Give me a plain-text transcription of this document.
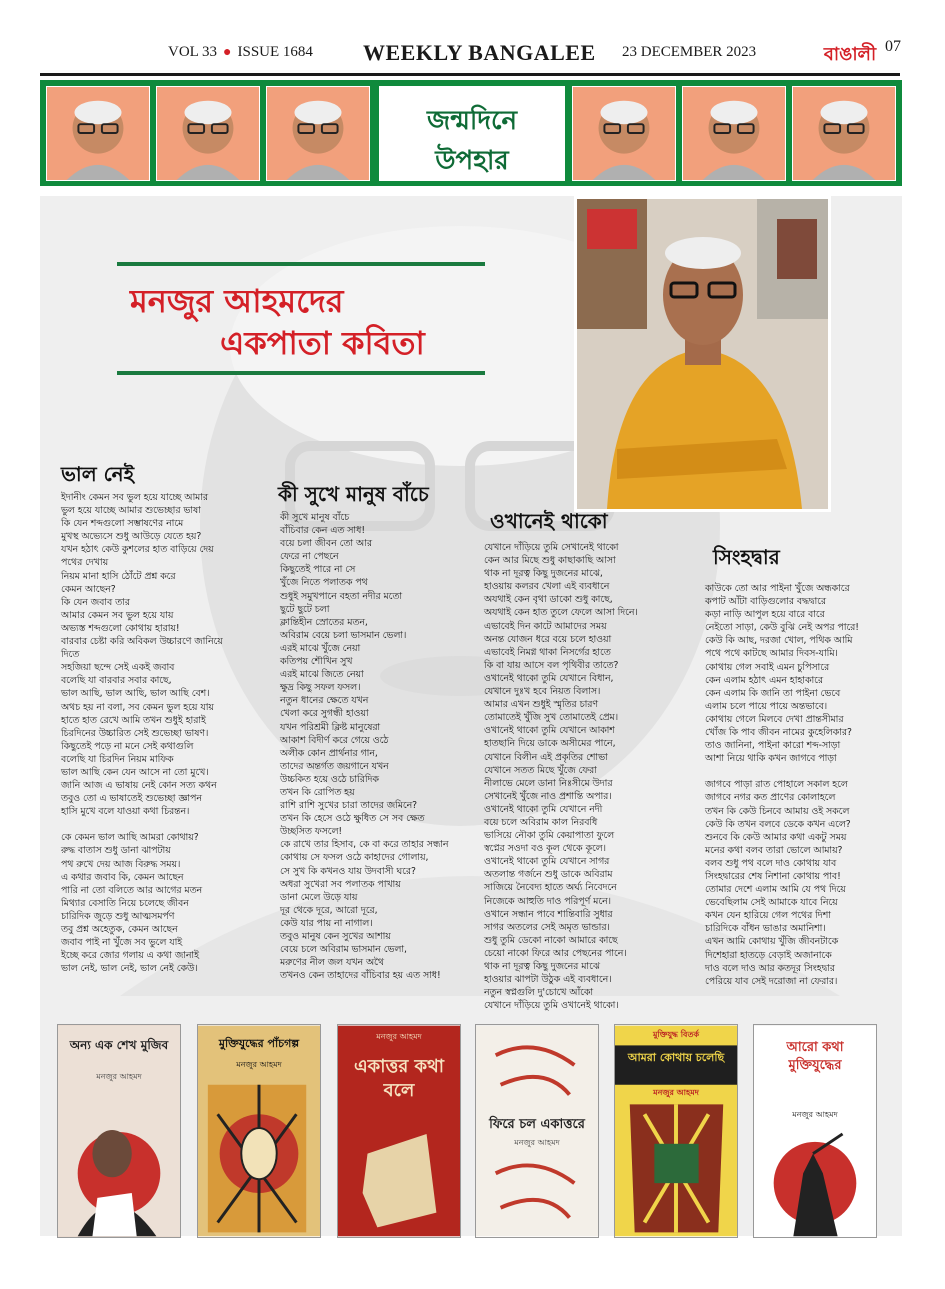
VOL 33 ● ISSUE 1684 WEEKLY BANGALEE 23 DECEMBER 2023	বাঙালী 07
জন্মদিনে
উপহার
মনজুর আহমদের
একপাতা কবিতা
ভাল নেই
ইদানীং কেমন সব ভুল হয়ে যাচ্ছে আমার
ভুল হয়ে যাচ্ছে আমার শুভেচ্ছার ভাষা
কি যেন শব্দগুলো সম্ভাষণের নামে
মুখস্থ অভ্যেসে শুধু আউড়ে যেতে হয়?
যখন হঠাৎ কেউ কুশলের হাত বাড়িয়ে দেয়
পথের দেখায়
নিয়ম মানা হাসি ঠোঁটে প্রশ্ন করে
কেমন আছেন?
কি যেন জবাব তার
আমার কেমন সব ভুল হয়ে যায়
অভ্যস্ত শব্দগুলো কোথায় হারায়!
বারবার চেষ্টা করি অবিকল উচ্চারণে জানিয়ে
দিতে
সহজিয়া ছন্দে সেই একই জবাব
বলেছি যা বারবার সবার কাছে,
ভাল আছি, ভাল আছি, ভাল আছি বেশ।
অথচ হয় না বলা, সব কেমন ভুল হয়ে যায়
হাতে হাত রেখে আমি তখন শুধুই হারাই
চিরদিনের উচ্চারিত সেই শুভেচ্ছা ভাষণ।
কিছুতেই পড়ে না মনে সেই কথাগুলি
বলেছি যা চিরদিন নিয়ম মাফিক
ভাল আছি কেন যেন আসে না তো মুখে।
জানি আজ এ ভাষায় নেই কোন সত্য কথন
তবুও তো এ ভাষাতেই শুভেচ্ছা জ্ঞাপন
হাসি মুখে বলে যাওয়া কথা চিরন্তন।
কে কেমন ভাল আছি আমরা কোথায়?
রুদ্ধ বাতাস শুধু ডানা ঝাপটায়
পথ রুখে দেয় আজ বিরুদ্ধ সময়।
এ কথার জবাব কি, কেমন আছেন
পারি না তো বলিতে আর আগের মতন
মিথ্যার বেসাতি নিয়ে চলেছে জীবন
চারিদিক জুড়ে শুধু আত্মসমর্পণ
তবু প্রশ্ন অহেতুক, কেমন আছেন
জবাব পাই না খুঁজে সব ভুলে যাই
ইচ্ছে করে জোর গলায় এ কথা জানাই
ভাল নেই, ভাল নেই, ভাল নেই কেউ।
কী সুখে মানুষ বাঁচে
কী সুখে মানুষ বাঁচে
বাঁচিবার কেন এত সাধ!
বয়ে চলা জীবন তো আর
ফেরে না পেছনে
কিছুতেই পারে না সে
খুঁজে নিতে পলাতক পথ
শুধুই সমুখপানে বহতা নদীর মতো
ছুটে ছুটে চলা
ক্লান্তিহীন স্রোতের মতন,
অবিরাম বেয়ে চলা ভাসমান ভেলা।
এরই মাঝে খুঁজে নেয়া
কতিপয় শৌখিন সুখ
এরই মাঝে জিতে নেয়া
ক্ষুদ্র কিছু সফল ফসল।
নতুন ধানের ক্ষেতে যখন
খেলা করে সুগন্ধী হাওয়া
যখন পরিশ্রমী ক্লিষ্ট মানুষেরা
আকাশ বিদীর্ণ করে গেয়ে ওঠে
অলীক কোন প্রার্থনার গান,
তাদের অন্তর্গত জয়গানে যখন
উচ্চকিত হয়ে ওঠে চারিদিক
তখন কি রোপিত হয়
রাশি রাশি সুখের চারা তাদের জমিনে?
তখন কি হেসে ওঠে ক্ষুধিত সে সব ক্ষেত
উচ্ছসিত ফসলে!
কে রাখে তার হিসাব, কে বা করে তাহার সন্ধান
কোথায় সে ফসল ওঠে কাহাদের গোলায়,
সে সুখ কি কখনও যায় উদবাসী ঘরে?
অধরা সুখেরা সব পলাতক পাখায়
ডানা মেলে উড়ে যায়
দূর থেকে দূরে, আরো দূরে,
কেউ যার পায় না নাগাল।
তবুও মানুষ কেন সুখের আশায়
বেয়ে চলে অবিরাম ভাসমান ভেলা,
মরুণের নীল জল যখন অথৈ
তখনও কেন তাহাদের বাঁচিবার হয় এত সাধ!
ওখানেই থাকো
যেখানে দাঁড়িয়ে তুমি সেখানেই থাকো
কেন আর মিছে শুধু কাছাকাছি আসা
থাক না দূরত্ব কিছু দুজনের মাঝে,
হাওয়ায় কলরব খেলা এই ব্যবধানে
অযথাই কেন বৃথা ডাকো শুধু কাছে,
অযথাই কেন হাত তুলে ফেলে আসা দিনে।
এভাবেই দিন কাটে আমাদের সময়
অনন্ত যোজন ধরে বয়ে চলে হাওয়া
এভাবেই নিমগ্ন থাকা নিসর্গের হাতে
কি বা যায় আসে বল পৃথিবীর তাতে?
ওখানেই থাকো তুমি যেখানে বিধান,
যেখানে দুঃখ হবে নিয়ত বিলাস।
আমার এখন শুধুই স্মৃতির চারণ
তোমাতেই খুঁজি সুখ তোমাতেই প্রেম।
ওখানেই থাকো তুমি যেখানে আকাশ
হাতছানি দিয়ে ডাকে অসীমের পানে,
যেখানে বিলীন এই প্রকৃতির শোভা
যেখানে সতত মিছে খুঁজে ফেরা
নীলাভে মেলে ডানা নিঃসীমে উদার
সেখানেই খুঁজে নাও প্রশান্তি অপার।
ওখানেই থাকো তুমি যেখানে নদী
বয়ে চলে অবিরাম কাল নিরবধি
ভাসিয়ে নৌকা তুমি কেয়াপাতা ফুলে
স্বপ্নের সওদা বও কূল থেকে কূলে।
ওখানেই থাকো তুমি যেখানে সাগর
অতলান্ত গর্জনে শুধু ডাকে অবিরাম
সাজিয়ে নৈবেদ্য হাতে অর্ঘ্য নিবেদনে
নিজেকে আহুতি দাও পরিপূর্ণ মনে।
ওখানে সন্ধান পাবে শান্তিবারি সুধার
সাগর অতলের সেই অমৃত ভান্ডার।
শুধু তুমি ডেকো নাকো আমারে কাছে
চেয়ো নাকো ফিরে আর পেছনের পানে।
থাক না দূরত্ব কিছু দুজনের মাঝে
হাওয়ার ঝাপটা উঠুক এই ব্যবধানে।
নতুন স্বপ্নগুলি দু'চোখে আঁকো
যেখানে দাঁড়িয়ে তুমি ওখানেই থাকো।
সিংহদ্বার
কাউকে তো আর পাইনা খুঁজে অন্ধকারে
কপাট আঁটা বাড়িগুলোর বদ্ধদ্বারে
কড়া নাড়ি আপুল হয়ে বারে বারে
নেইতো সাড়া, কেউ বুঝি নেই অপর পারে!
কেউ কি আছ, দরজা খোল, পথিক আমি
পথে পথে কাটছে আমার দিবস-যামি।
কোথায় গেল সবাই এমন চুপিসারে
কেন এলাম হঠাৎ এমন হাহাকারে
কেন এলাম কি জানি তা পাইনা ভেবে
এলাম চলে পায়ে পায়ে অন্তভাবে।
কোথায় গেলে মিলবে দেখা প্রান্তসীমার
খোঁজ কি পাব জীবন নামের কুহেলিকার?
তাও জানিনা, পাইনা কারো শব্দ-সাড়া
আশা নিয়ে থাকি কখন জাগবে পাড়া
জাগবে পাড়া রাত পোহালে সকাল হলে
জাগবে নগর কত প্রাণের কোলাহলে
তখন কি কেউ চিনবে আমায় ওই সকলে
কেউ কি তখন বলবে ডেকে কখন এলে?
শুনবে কি কেউ আমার কথা একটু সময়
মনের কথা বলব তারা ভোলে আমায়?
বলব শুধু পথ বলে দাও কোথায় যাব
সিংহদ্বারের শেষ নিশানা কোথায় পাব!
তোমার দেশে এলাম আমি যে পথ দিয়ে
ভেবেছিলাম সেই আমাকে যাবে নিয়ে
কখন যেন হারিয়ে গেল পথের দিশা
চারিদিকে বাঁধন ভাঙার অমানিশা।
এখন আমি কোথায় খুঁজি জীবনটাকে
দিশেহারা হাতড়ে বেড়াই অজানাকে
দাও বলে দাও আর কতদূর সিংহদ্বার
পেরিয়ে যাব সেই দরোজা না ফেরার।
অন্য এক শেখ মুজিব
মনজুর আহমদ
মুক্তিযুদ্ধের পাঁচগল্প
মনজুর আহমদ	একাত্তর কথা বলে
মনজুর আহমদ
ফিরে চল একাত্তরে
মনজুর আহমদ
মুক্তিযুদ্ধ বিতর্ক
আমরা কোথায় চলেছি
মনজুর আহমদ
আরো কথা মুক্তিযুদ্ধের
মনজুর আহমদ
